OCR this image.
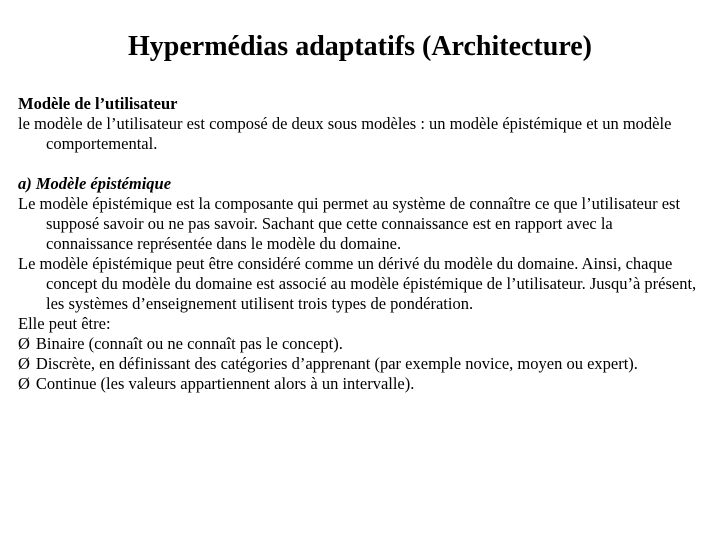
Hypermédias adaptatifs (Architecture)

Modèle de l’utilisateur

le modèle de l’utilisateur est composé de deux sous modèles : un modèle épistémique et un modèle comportemental.

a) Modèle épistémique

Le modèle épistémique est la composante qui permet au système de connaître ce que l’utilisateur est supposé savoir ou ne pas savoir. Sachant que cette connaissance est en rapport avec la connaissance représentée dans le modèle du domaine.

Le modèle épistémique peut être considéré comme un dérivé du modèle du domaine. Ainsi, chaque concept du modèle du domaine est associé au modèle épistémique de l’utilisateur. Jusqu’à présent, les systèmes d’enseignement utilisent trois types de pondération.

Elle peut être:

Ø Binaire (connaît ou ne connaît pas le concept).

Ø Discrète, en définissant des catégories d’apprenant (par exemple novice, moyen ou expert).

Ø Continue (les valeurs appartiennent alors à un intervalle).
